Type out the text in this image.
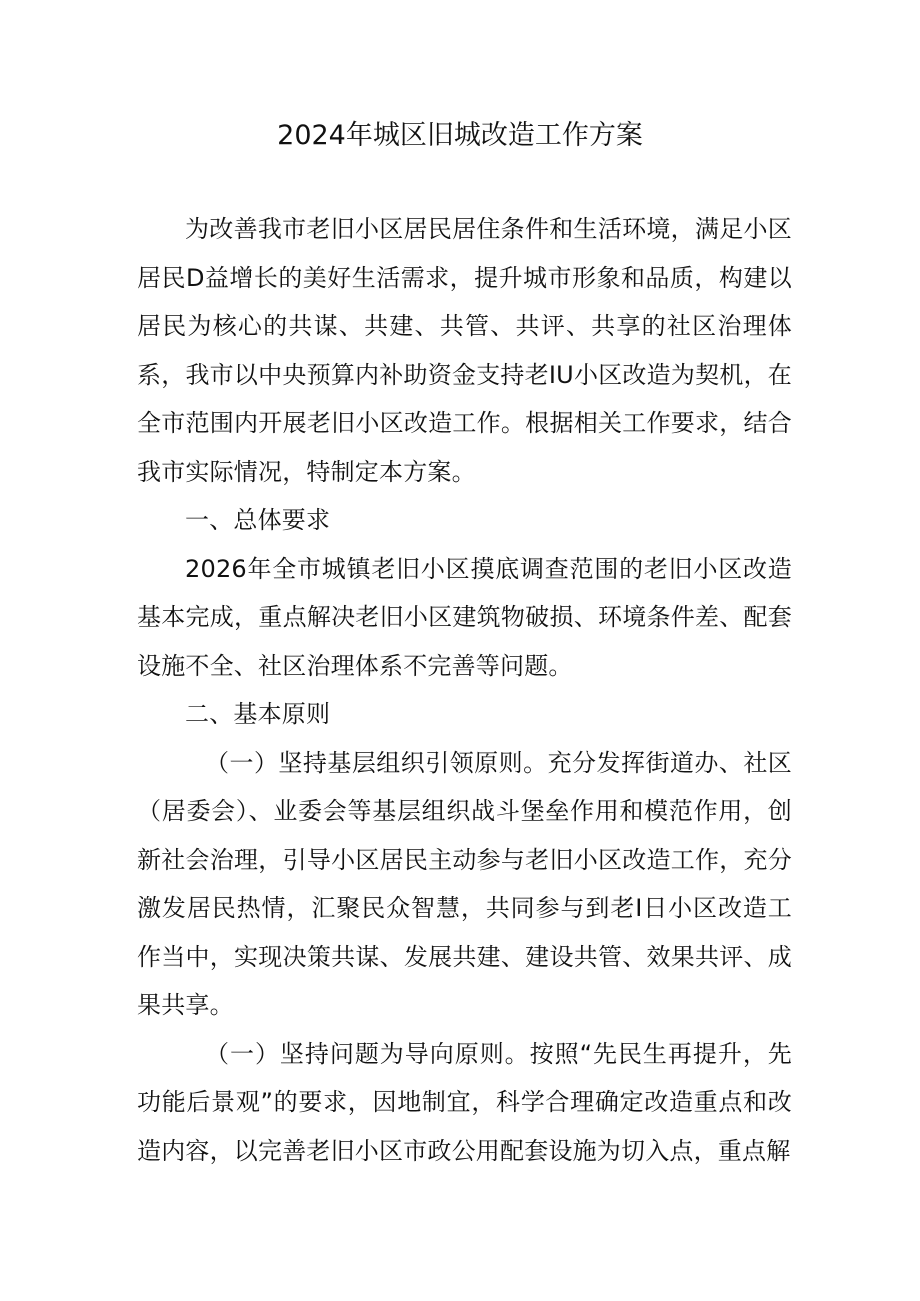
2024年城区旧城改造工作方案

为改善我市老旧小区居民居住条件和生活环境，满足小区居民D益增长的美好生活需求，提升城市形象和品质，构建以居民为核心的共谋、共建、共管、共评、共享的社区治理体系，我市以中央预算内补助资金支持老IU小区改造为契机，在全市范围内开展老旧小区改造工作。根据相关工作要求，结合我市实际情况，特制定本方案。

一、总体要求

2026年全市城镇老旧小区摸底调查范围的老旧小区改造基本完成，重点解决老旧小区建筑物破损、环境条件差、配套设施不全、社区治理体系不完善等问题。

二、基本原则

（一）坚持基层组织引领原则。充分发挥街道办、社区（居委会）、业委会等基层组织战斗堡垒作用和模范作用，创新社会治理，引导小区居民主动参与老旧小区改造工作，充分激发居民热情，汇聚民众智慧，共同参与到老I日小区改造工作当中，实现决策共谋、发展共建、建设共管、效果共评、成果共享。

（一）坚持问题为导向原则。按照“先民生再提升，先功能后景观”的要求，因地制宜，科学合理确定改造重点和改造内容，以完善老旧小区市政公用配套设施为切入点，重点解
